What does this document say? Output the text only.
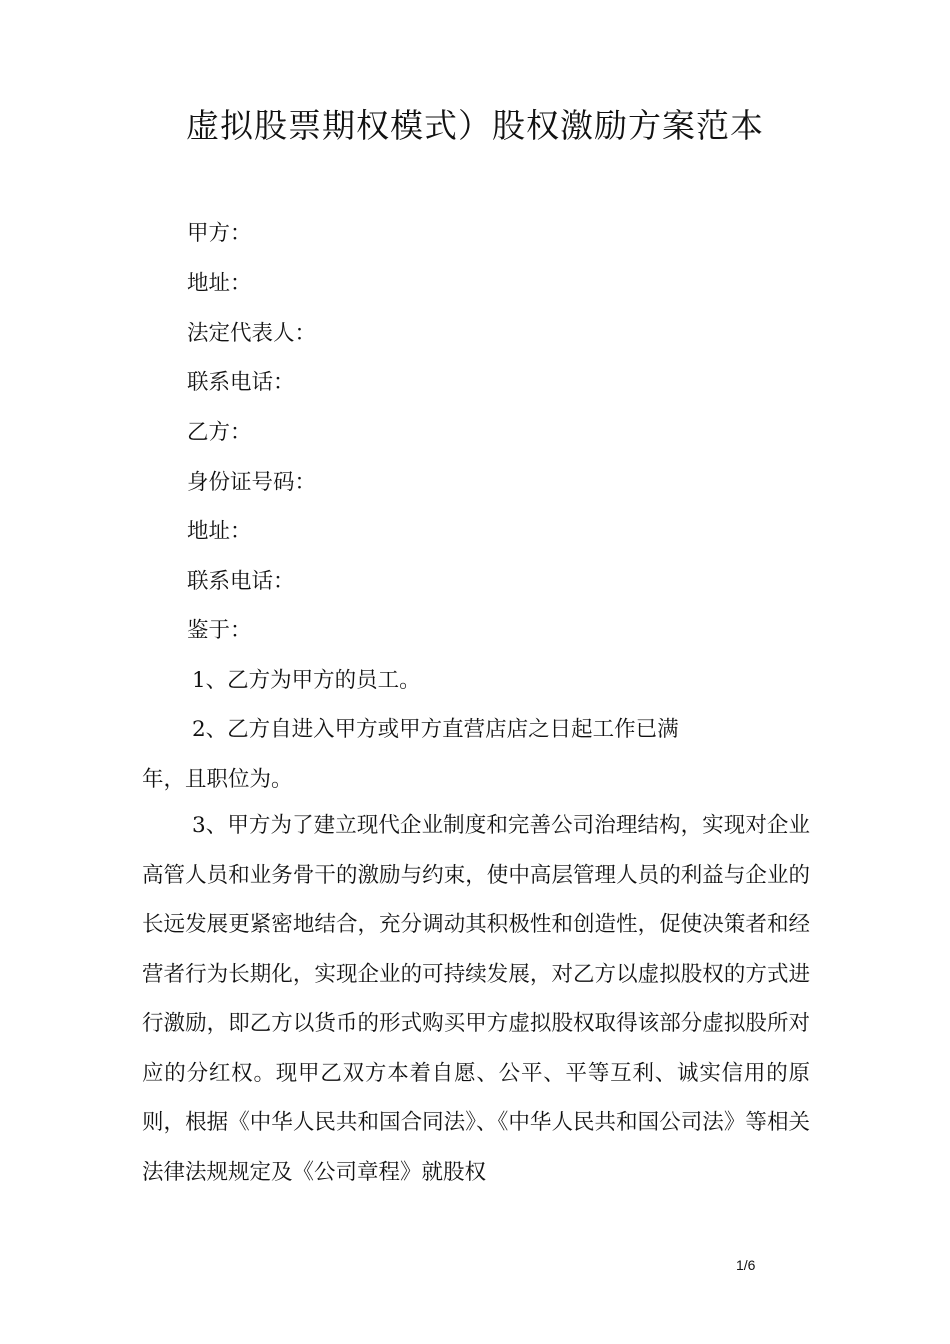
虚拟股票期权模式）股权激励方案范本
甲方：
地址：
法定代表人：
联系电话：
乙方：
身份证号码：
地址：
联系电话：
鉴于：
1、乙方为甲方的员工。
2、乙方自进入甲方或甲方直营店店之日起工作已满
年，且职位为。
3、甲方为了建立现代企业制度和完善公司治理结构，实现对企业高管人员和业务骨干的激励与约束，使中高层管理人员的利益与企业的长远发展更紧密地结合，充分调动其积极性和创造性，促使决策者和经营者行为长期化，实现企业的可持续发展，对乙方以虚拟股权的方式进行激励，即乙方以货币的形式购买甲方虚拟股权取得该部分虚拟股所对应的分红权。现甲乙双方本着自愿、公平、平等互利、诚实信用的原则，根据《中华人民共和国合同法》、《中华人民共和国公司法》等相关法律法规规定及《公司章程》就股权
1/6
